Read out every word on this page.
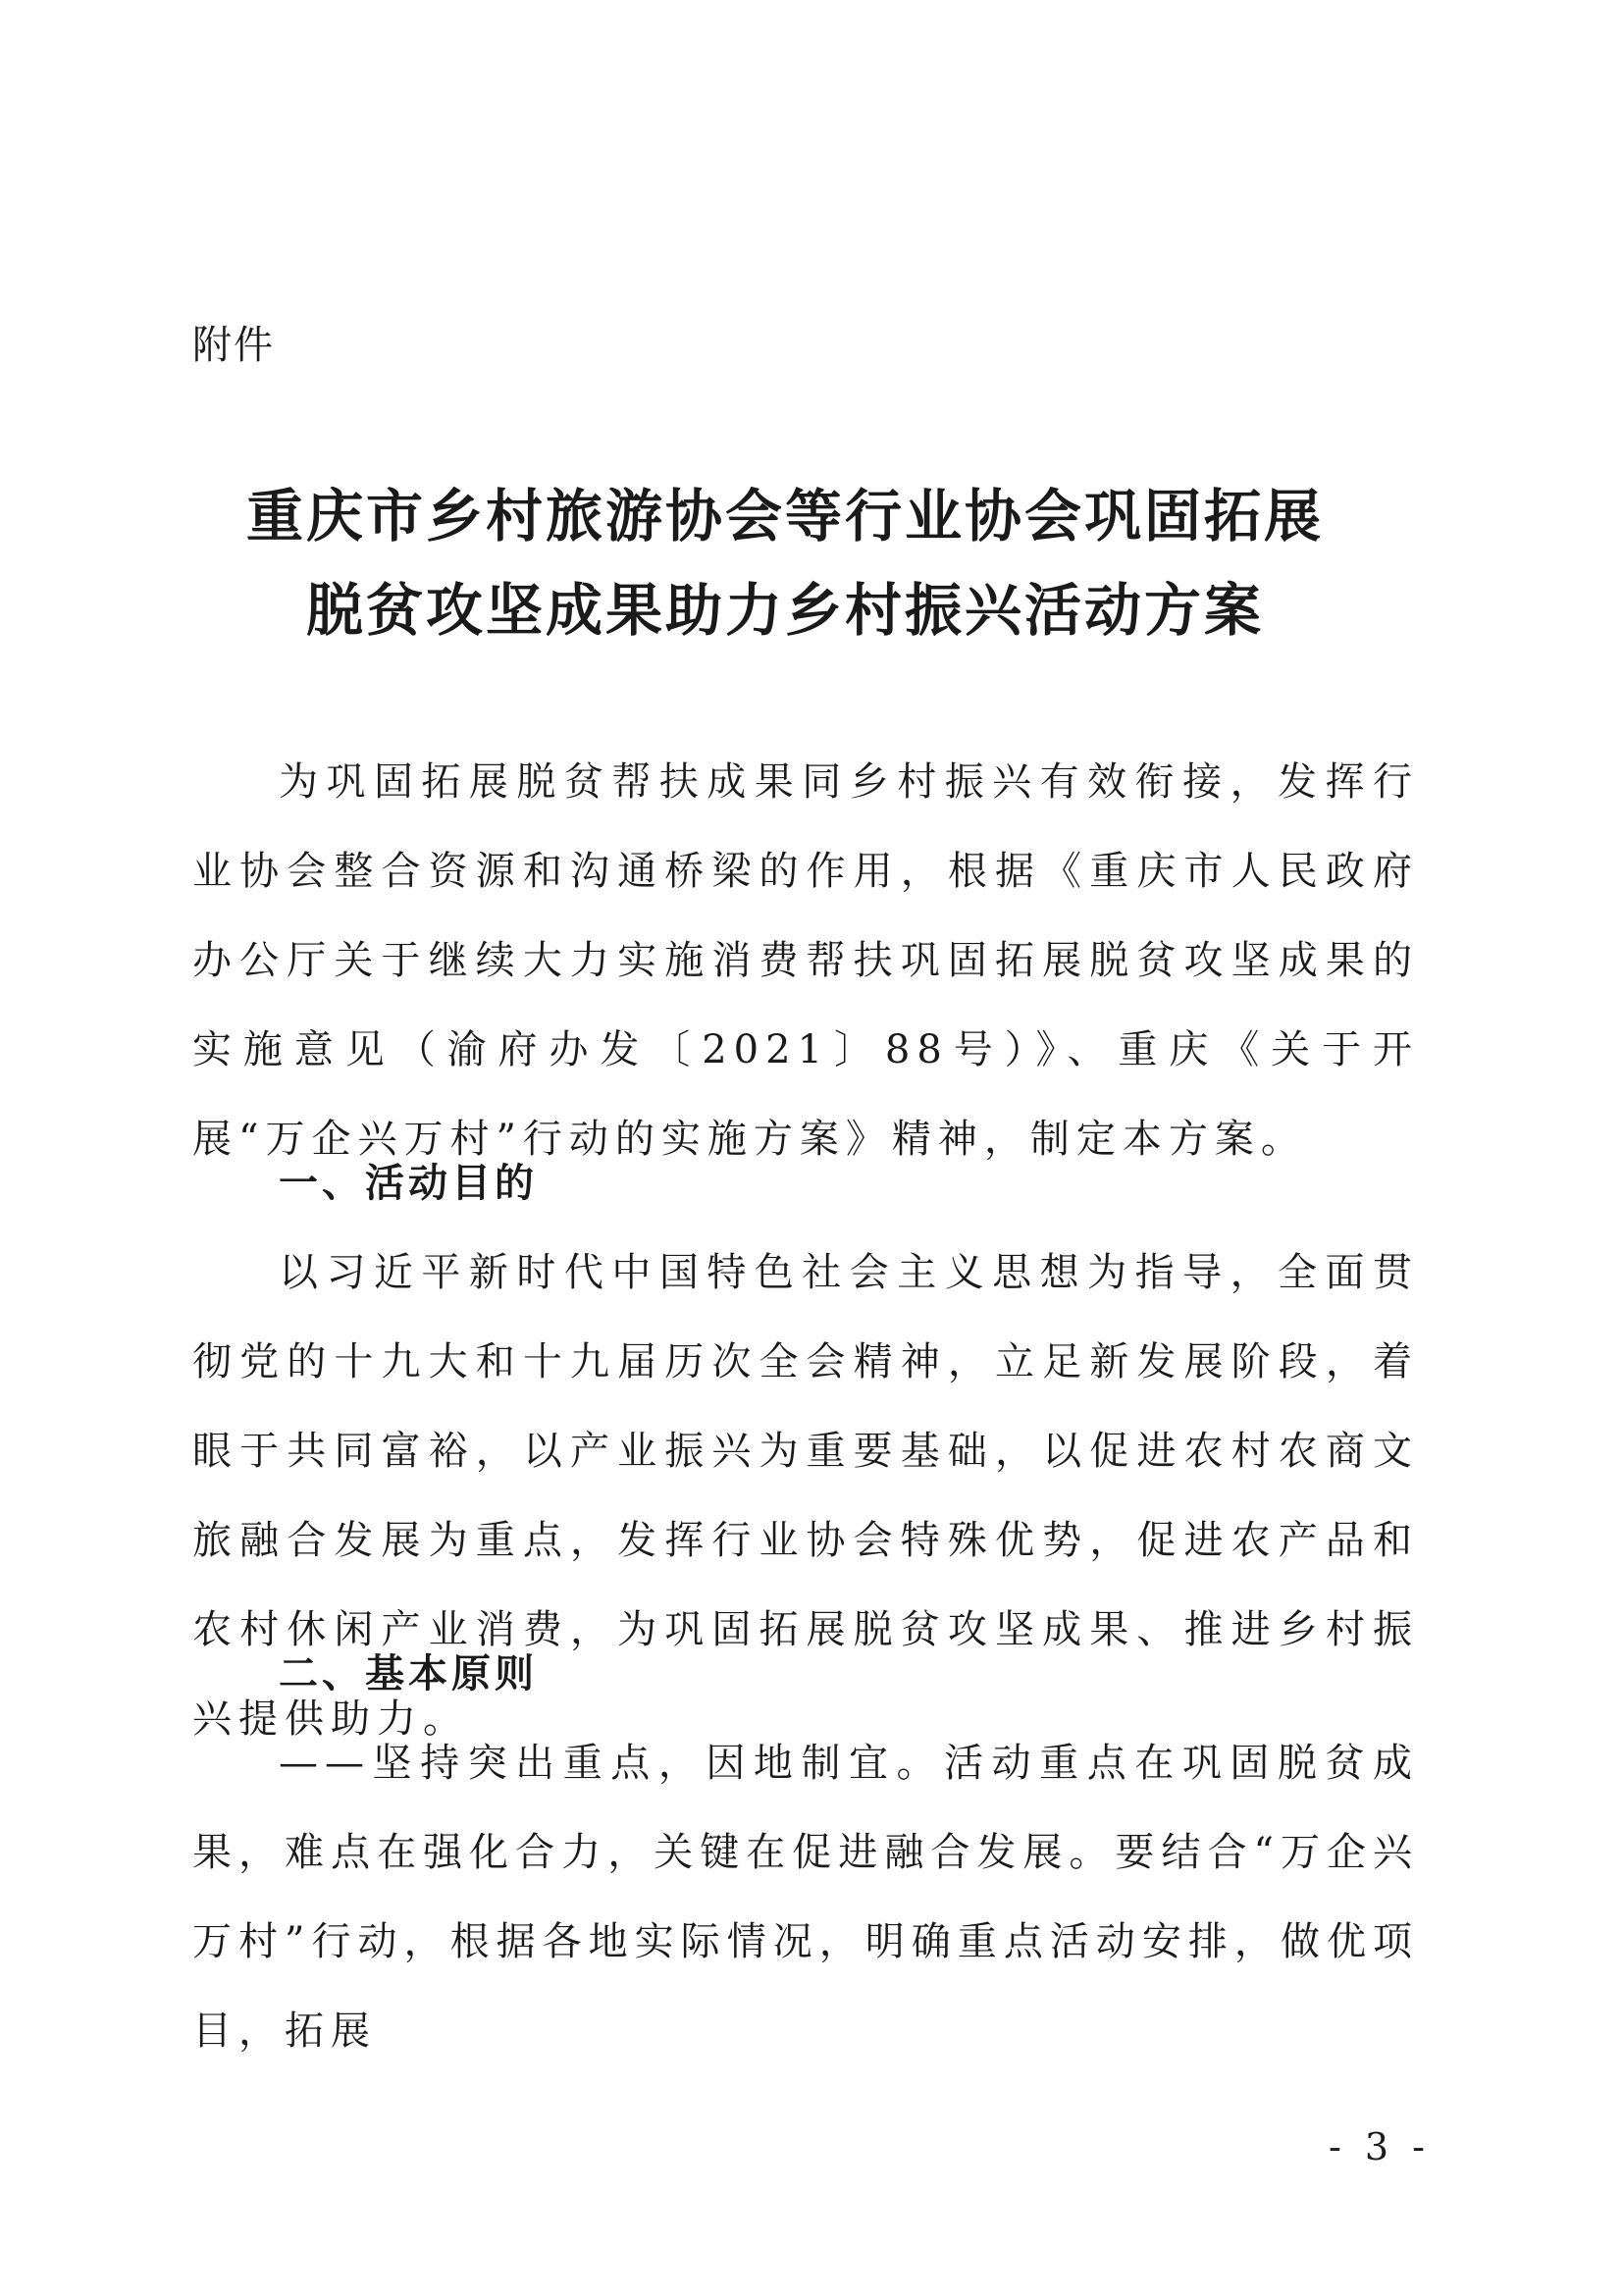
附件
重庆市乡村旅游协会等行业协会巩固拓展
脱贫攻坚成果助力乡村振兴活动方案

为巩固拓展脱贫帮扶成果同乡村振兴有效衔接，发挥行业协会整合资源和沟通桥梁的作用，根据《重庆市人民政府办公厅关于继续大力实施消费帮扶巩固拓展脱贫攻坚成果的实施意见（渝府办发〔2021〕88号）》、重庆《关于开展“万企兴万村”行动的实施方案》精神，制定本方案。

一、活动目的

以习近平新时代中国特色社会主义思想为指导，全面贯彻党的十九大和十九届历次全会精神，立足新发展阶段，着眼于共同富裕，以产业振兴为重要基础，以促进农村农商文旅融合发展为重点，发挥行业协会特殊优势，促进农产品和农村休闲产业消费，为巩固拓展脱贫攻坚成果、推进乡村振兴提供助力。

二、基本原则

——坚持突出重点，因地制宜。活动重点在巩固脱贫成果，难点在强化合力，关键在促进融合发展。要结合“万企兴万村”行动，根据各地实际情况，明确重点活动安排，做优项目，拓展

- 3 -
